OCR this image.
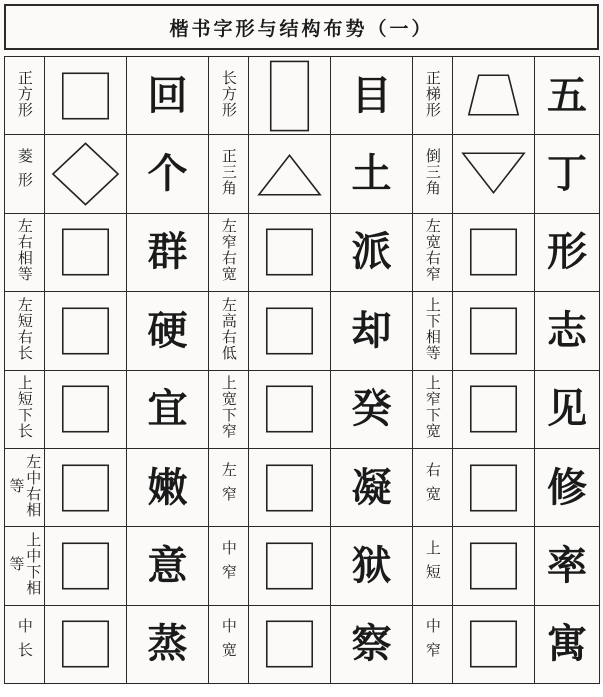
楷书字形与结构布势（一）
正方形		回	长方形		目	正梯形		五
菱形		个	正三角		土	倒三角		丁
左右相等		群	左窄右宽		派	左宽右窄		形
左短右长		硬	左高右低		却	上下相等		志
上短下长		宜	上宽下窄		癸	上窄下宽		见
左中右相等		嫩	左窄		凝	右宽		修
上中下相等		意	中窄		狱	上短		率
中长		蒸	中宽		察	中窄		寓
